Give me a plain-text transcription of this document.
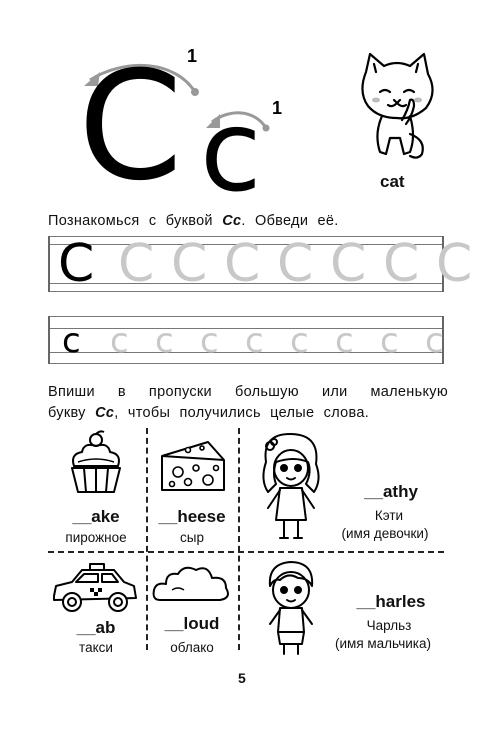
1
C	1
c	cat
Познакомься с буквой Cc. Обведи её.
C C C C C C C C
c c c c c c c c c
Впиши в пропуски большую или маленькую
букву Cc, чтобы получились целые слова.
__ake
пирожное
__heese
сыр
__athy
Кэти
(имя девочки)
__ab
такси
__loud
облако
__harles
Чарльз
(имя мальчика)
5
